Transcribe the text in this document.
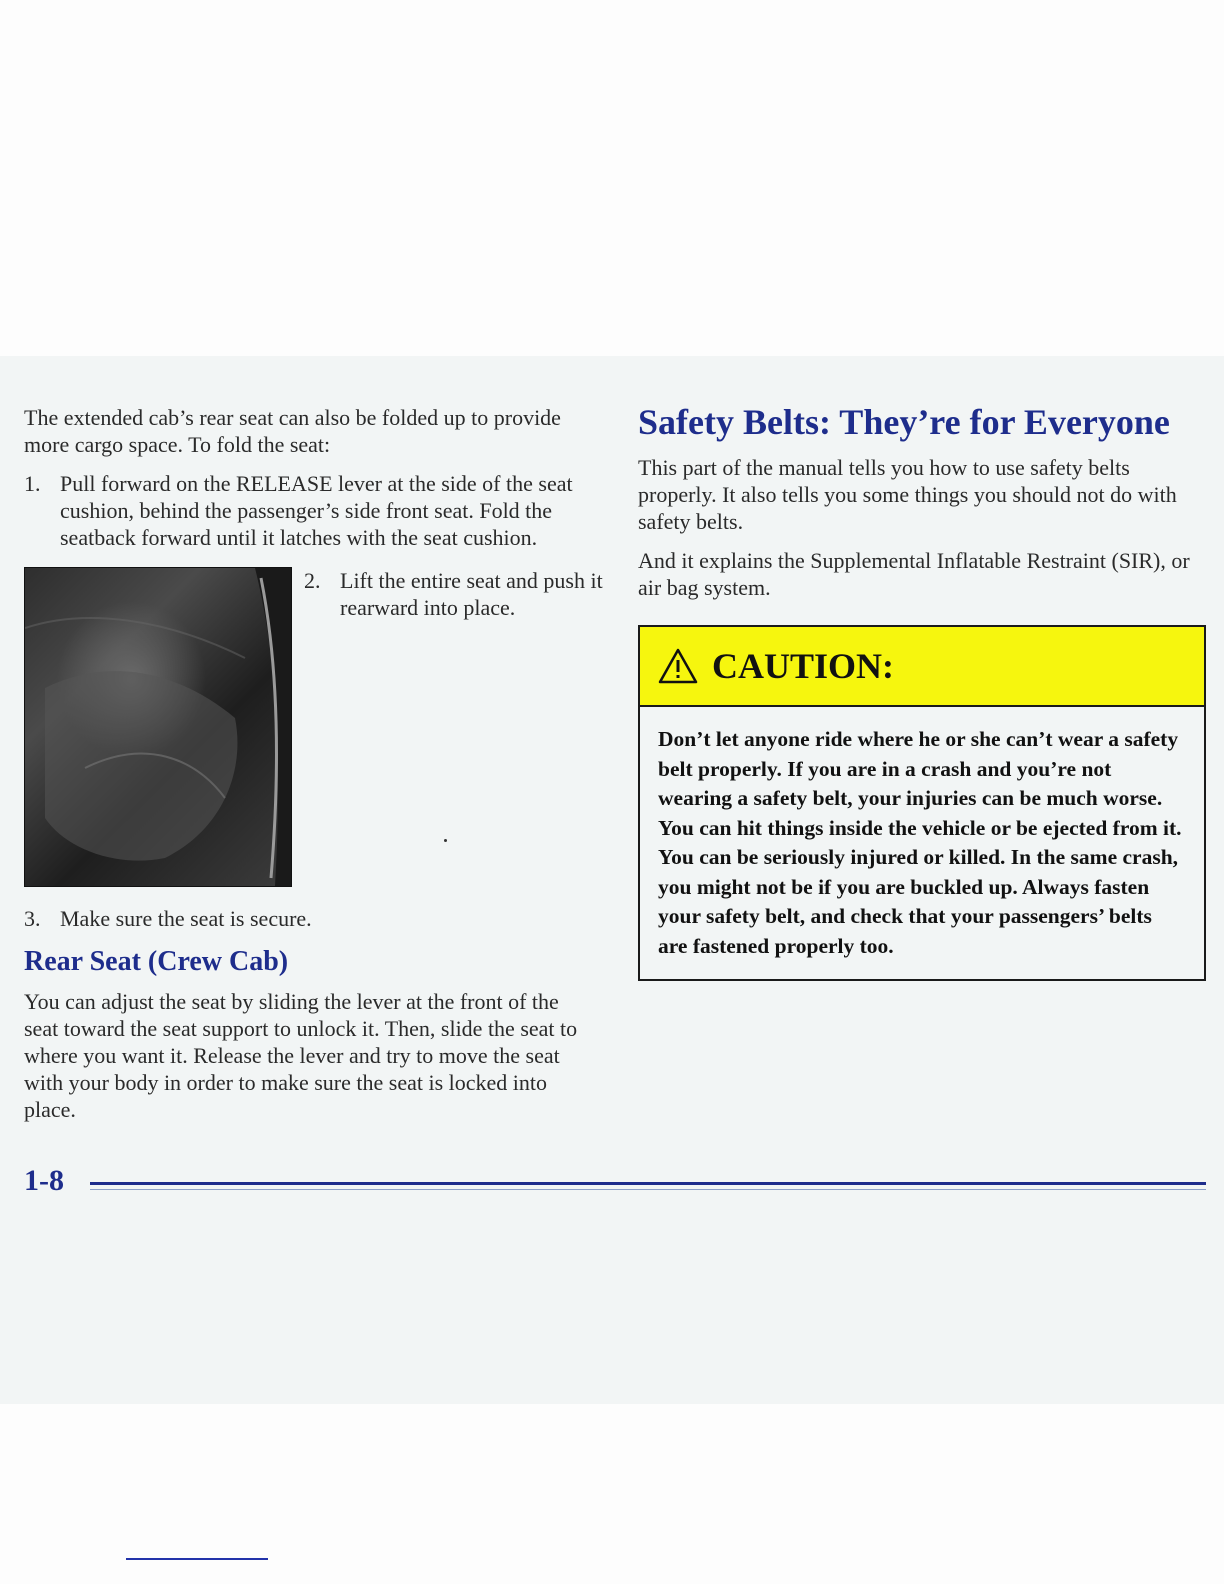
The extended cab’s rear seat can also be folded up to provide more cargo space. To fold the seat:

1. Pull forward on the RELEASE lever at the side of the seat cushion, behind the passenger’s side front seat. Fold the seatback forward until it latches with the seat cushion.
2. Lift the entire seat and push it rearward into place.
3. Make sure the seat is secure.
Rear Seat (Crew Cab)

You can adjust the seat by sliding the lever at the front of the seat toward the seat support to unlock it. Then, slide the seat to where you want it. Release the lever and try to move the seat with your body in order to make sure the seat is locked into place.

Safety Belts: They’re for Everyone

This part of the manual tells you how to use safety belts properly. It also tells you some things you should not do with safety belts.

And it explains the Supplemental Inflatable Restraint (SIR), or air bag system.

CAUTION:
Don’t let anyone ride where he or she can’t wear a safety belt properly. If you are in a crash and you’re not wearing a safety belt, your injuries can be much worse. You can hit things inside the vehicle or be ejected from it. You can be seriously injured or killed. In the same crash, you might not be if you are buckled up. Always fasten your safety belt, and check that your passengers’ belts are fastened properly too.
1-8
